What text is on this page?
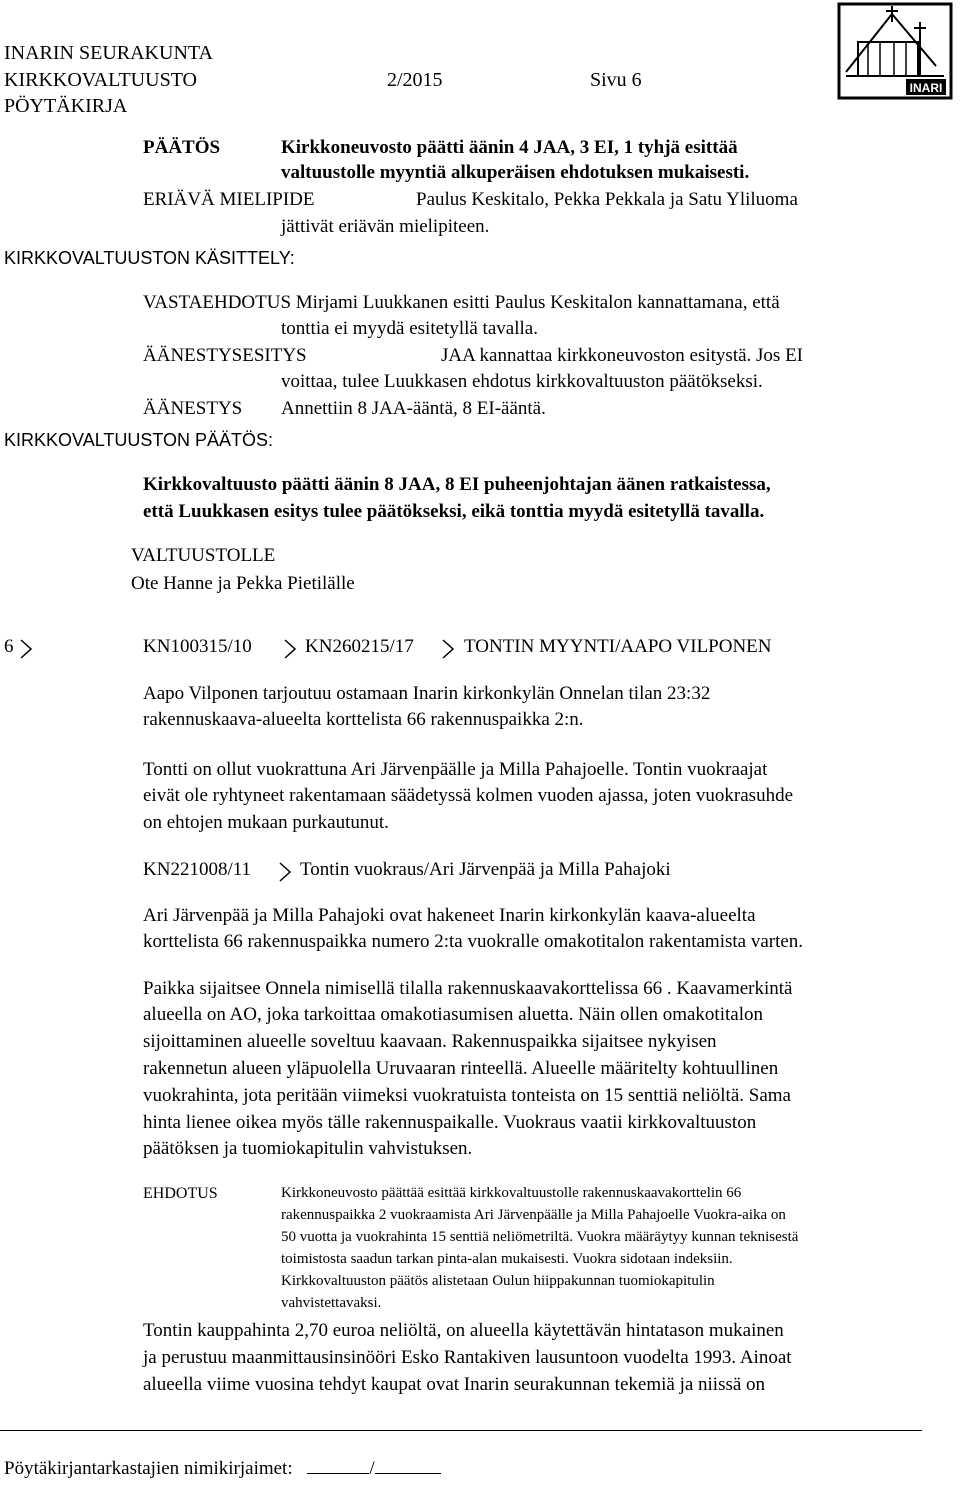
INARIN SEURAKUNTA
KIRKKOVALTUUSTO	2/2015	Sivu 6
PÖYTÄKIRJA
INARI
PÄÄTÖS	Kirkkoneuvosto päätti äänin 4 JAA, 3 EI, 1 tyhjä esittää
valtuustolle myyntiä alkuperäisen ehdotuksen mukaisesti.
ERIÄVÄ MIELIPIDE	Paulus Keskitalo, Pekka Pekkala ja Satu Yliluoma
jättivät eriävän mielipiteen.
KIRKKOVALTUUSTON KÄSITTELY:
VASTAEHDOTUS Mirjami Luukkanen esitti Paulus Keskitalon kannattamana, että
tonttia ei myydä esitetyllä tavalla.
ÄÄNESTYSESITYS	JAA kannattaa kirkkoneuvoston esitystä. Jos EI
voittaa, tulee Luukkasen ehdotus kirkkovaltuuston päätökseksi.
ÄÄNESTYS Annettiin 8 JAA-ääntä, 8 EI-ääntä.
KIRKKOVALTUUSTON PÄÄTÖS:
Kirkkovaltuusto päätti äänin 8 JAA, 8 EI puheenjohtajan äänen ratkaistessa,
että Luukkasen esitys tulee päätökseksi, eikä tonttia myydä esitetyllä tavalla.
VALTUUSTOLLE
Ote Hanne ja Pekka Pietilälle
6	KN100315/10	KN260215/17	TONTIN MYYNTI/AAPO VILPONEN
Aapo Vilponen tarjoutuu ostamaan Inarin kirkonkylän Onnelan tilan 23:32
rakennuskaava-alueelta korttelista 66 rakennuspaikka 2:n.
Tontti on ollut vuokrattuna Ari Järvenpäälle ja Milla Pahajoelle. Tontin vuokraajat
eivät ole ryhtyneet rakentamaan säädetyssä kolmen vuoden ajassa, joten vuokrasuhde
on ehtojen mukaan purkautunut.
KN221008/11	Tontin vuokraus/Ari Järvenpää ja Milla Pahajoki
Ari Järvenpää ja Milla Pahajoki ovat hakeneet Inarin kirkonkylän kaava-alueelta
korttelista 66 rakennuspaikka numero 2:ta vuokralle omakotitalon rakentamista varten.
Paikka sijaitsee Onnela nimisellä tilalla rakennuskaavakorttelissa 66 . Kaavamerkintä
alueella on AO, joka tarkoittaa omakotiasumisen aluetta. Näin ollen omakotitalon
sijoittaminen alueelle soveltuu kaavaan. Rakennuspaikka sijaitsee nykyisen
rakennetun alueen yläpuolella Uruvaaran rinteellä. Alueelle määritelty kohtuullinen
vuokrahinta, jota peritään viimeksi vuokratuista tonteista on 15 senttiä neliöltä. Sama
hinta lienee oikea myös tälle rakennuspaikalle. Vuokraus vaatii kirkkovaltuuston
päätöksen ja tuomiokapitulin vahvistuksen.
EHDOTUS	Kirkkoneuvosto päättää esittää kirkkovaltuustolle rakennuskaavakorttelin 66
rakennuspaikka 2 vuokraamista Ari Järvenpäälle ja Milla Pahajoelle Vuokra-aika on
50 vuotta ja vuokrahinta 15 senttiä neliömetriltä. Vuokra määräytyy kunnan teknisestä
toimistosta saadun tarkan pinta-alan mukaisesti. Vuokra sidotaan indeksiin.
Kirkkovaltuuston päätös alistetaan Oulun hiippakunnan tuomiokapitulin
vahvistettavaksi.
Tontin kauppahinta 2,70 euroa neliöltä, on alueella käytettävän hintatason mukainen
ja perustuu maanmittausinsinööri Esko Rantakiven lausuntoon vuodelta 1993. Ainoat
alueella viime vuosina tehdyt kaupat ovat Inarin seurakunnan tekemiä ja niissä on
Pöytäkirjantarkastajien nimikirjaimet:	/
